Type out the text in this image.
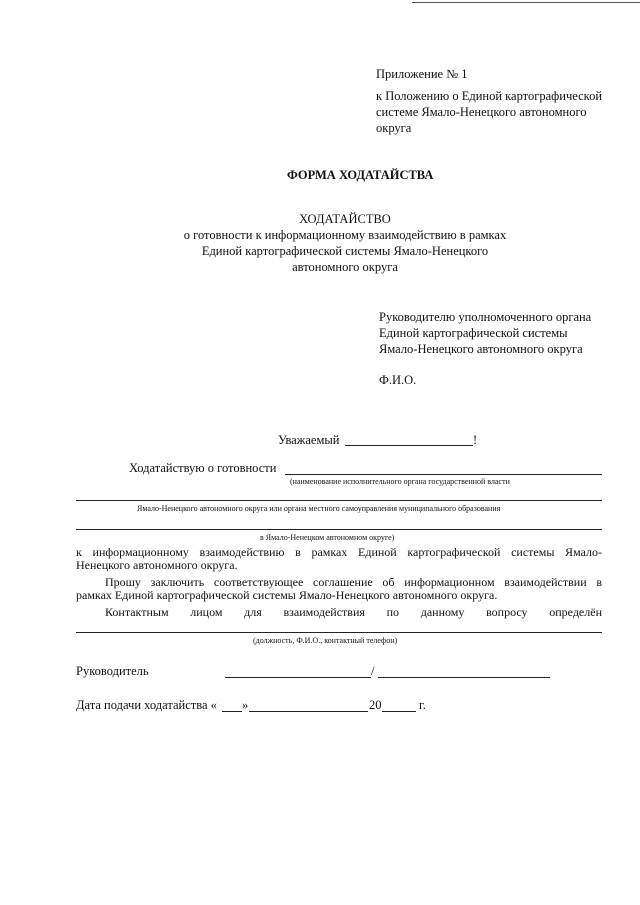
Приложение № 1
к Положению о Единой картографической
системе Ямало-Ненецкого автономного
округа
ФОРМА ХОДАТАЙСТВА
ХОДАТАЙСТВО
о готовности к информационному взаимодействию в рамках
Единой картографической системы Ямало-Ненецкого
автономного округа
Руководителю уполномоченного органа
Единой картографической системы
Ямало-Ненецкого автономного округа
Ф.И.О.
Уважаемый	!
Ходатайствую о готовности
(наименование исполнительного органа государственной власти
Ямало-Ненецкого автономного округа или органа местного самоуправления муниципального образования
в Ямало-Ненецком автономном округе)
к информационному взаимодействию в рамках Единой картографической системы Ямало-
Ненецкого автономного округа.
Прошу заключить соответствующее соглашение об информационном взаимодействии в
рамках Единой картографической системы Ямало-Ненецкого автономного округа.
Контактным лицом для взаимодействия по данному вопросу определён
(должность, Ф.И.О., контактный телефон)
Руководитель	/
Дата подачи ходатайства « »	20	г.
